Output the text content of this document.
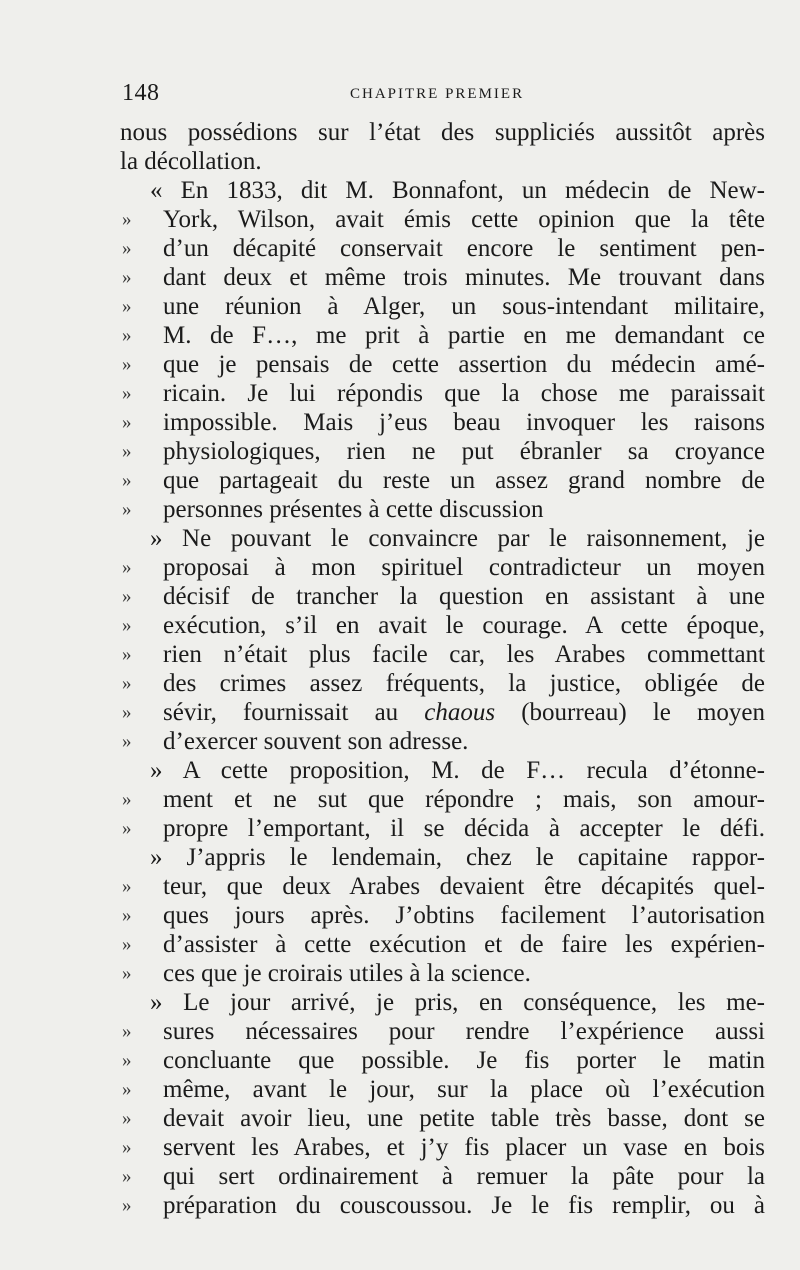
148	CHAPITRE PREMIER
nous possédions sur l’état des suppliciés aussitôt après
la décollation.
« En 1833, dit M. Bonnafont, un médecin de New-
»	York, Wilson, avait émis cette opinion que la tête
»	d’un décapité conservait encore le sentiment pen-
»	dant deux et même trois minutes. Me trouvant dans
»	une réunion à Alger, un sous-intendant militaire,
»	M. de F…, me prit à partie en me demandant ce
»	que je pensais de cette assertion du médecin amé-
»	ricain. Je lui répondis que la chose me paraissait
»	impossible. Mais j’eus beau invoquer les raisons
»	physiologiques, rien ne put ébranler sa croyance
»	que partageait du reste un assez grand nombre de
»	personnes présentes à cette discussion
» Ne pouvant le convaincre par le raisonnement, je
»	proposai à mon spirituel contradicteur un moyen
»	décisif de trancher la question en assistant à une
»	exécution, s’il en avait le courage. A cette époque,
»	rien n’était plus facile car, les Arabes commettant
»	des crimes assez fréquents, la justice, obligée de
»	sévir, fournissait au chaous (bourreau) le moyen
»	d’exercer souvent son adresse.
» A cette proposition, M. de F… recula d’étonne-
»	ment et ne sut que répondre ; mais, son amour-
»	propre l’emportant, il se décida à accepter le défi.
» J’appris le lendemain, chez le capitaine rappor-
»	teur, que deux Arabes devaient être décapités quel-
»	ques jours après. J’obtins facilement l’autorisation
»	d’assister à cette exécution et de faire les expérien-
»	ces que je croirais utiles à la science.
» Le jour arrivé, je pris, en conséquence, les me-
»	sures nécessaires pour rendre l’expérience aussi
»	concluante que possible. Je fis porter le matin
»	même, avant le jour, sur la place où l’exécution
»	devait avoir lieu, une petite table très basse, dont se
»	servent les Arabes, et j’y fis placer un vase en bois
»	qui sert ordinairement à remuer la pâte pour la
»	préparation du couscoussou. Je le fis remplir, ou à
